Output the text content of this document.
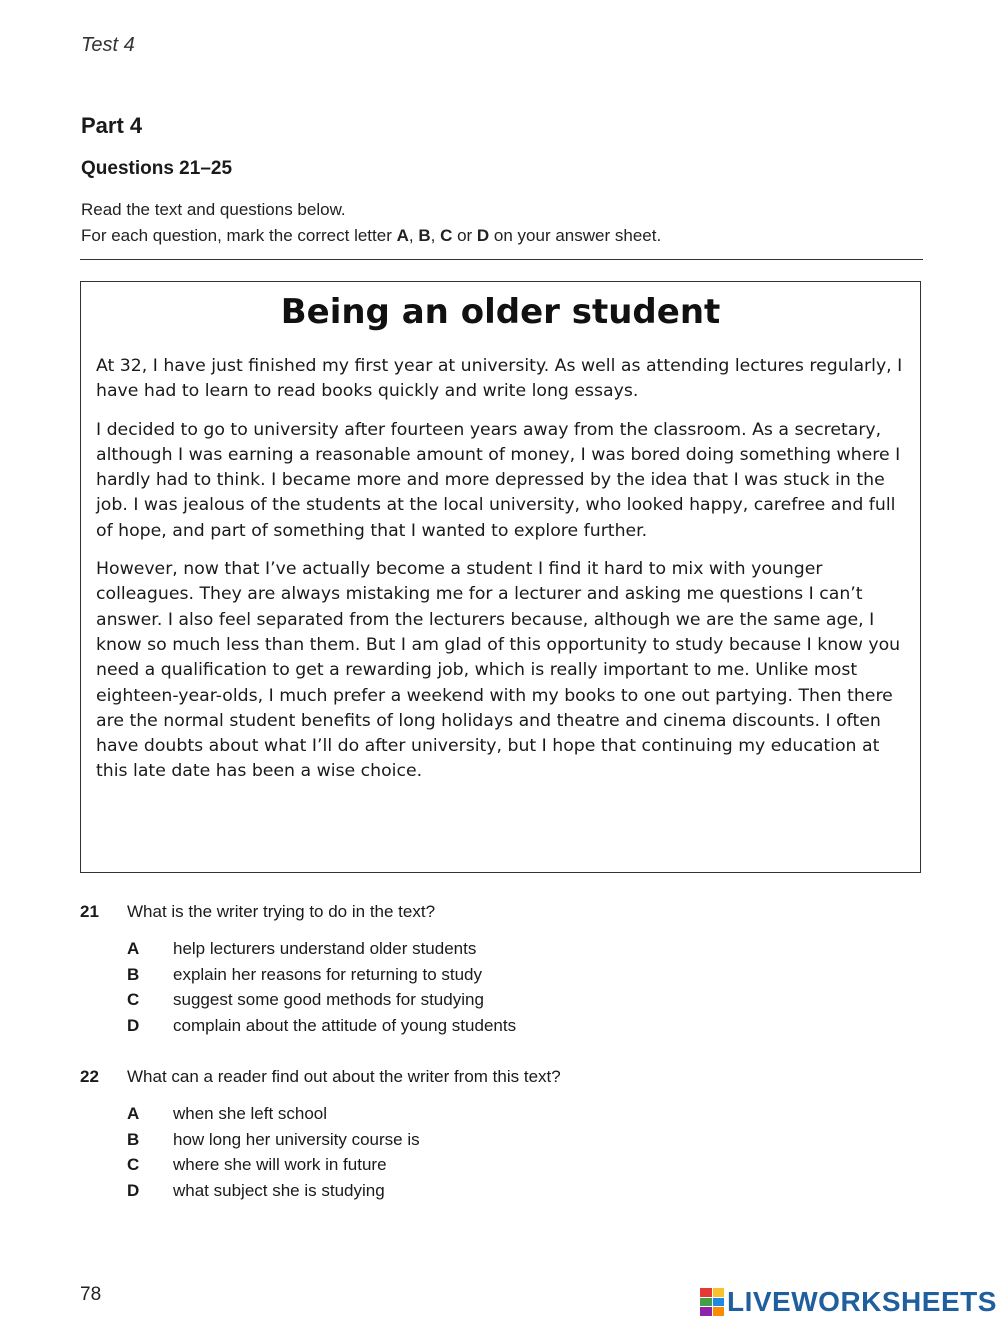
Test 4
Part 4
Questions 21–25
Read the text and questions below.
For each question, mark the correct letter A, B, C or D on your answer sheet.
Being an older student

At 32, I have just finished my first year at university. As well as attending lectures regularly, I have had to learn to read books quickly and write long essays.

I decided to go to university after fourteen years away from the classroom. As a secretary, although I was earning a reasonable amount of money, I was bored doing something where I hardly had to think. I became more and more depressed by the idea that I was stuck in the job. I was jealous of the students at the local university, who looked happy, carefree and full of hope, and part of something that I wanted to explore further.

However, now that I’ve actually become a student I find it hard to mix with younger colleagues. They are always mistaking me for a lecturer and asking me questions I can’t answer. I also feel separated from the lecturers because, although we are the same age, I know so much less than them. But I am glad of this opportunity to study because I know you need a qualification to get a rewarding job, which is really important to me. Unlike most eighteen-year-olds, I much prefer a weekend with my books to one out partying. Then there are the normal student benefits of long holidays and theatre and cinema discounts. I often have doubts about what I’ll do after university, but I hope that continuing my education at this late date has been a wise choice.

21 What is the writer trying to do in the text?
A help lecturers understand older students
B explain her reasons for returning to study
C suggest some good methods for studying
D complain about the attitude of young students
22 What can a reader find out about the writer from this text?
A when she left school
B how long her university course is
C where she will work in future
D what subject she is studying
78	LIVEWORKSHEETS
